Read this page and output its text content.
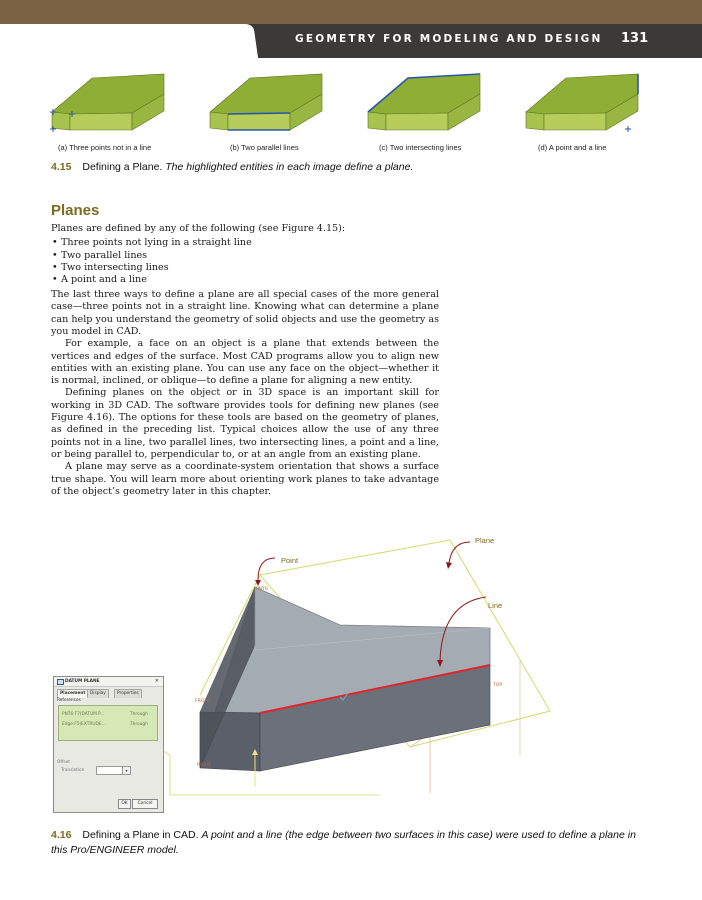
GEOMETRY FOR MODELING AND DESIGN 131
(a) Three points not in a line	(b) Two parallel lines	(c) Two intersecting lines	(d) A point and a line
4.15 Defining a Plane. The highlighted entities in each image define a plane.
Planes

Planes are defined by any of the following (see Figure 4.15):

• Three points not lying in a straight line
• Two parallel lines
• Two intersecting lines
• A point and a line

The last three ways to define a plane are all special cases of the more general case—three points not in a straight line. Knowing what can determine a plane can help you understand the geometry of solid objects and use the geometry as you model in CAD.

For example, a face on an object is a plane that extends between the vertices and edges of the surface. Most CAD programs allow you to align new entities with an existing plane. You can use any face on the object—whether it is normal, inclined, or oblique—to define a plane for aligning a new entity.

Defining planes on the object or in 3D space is an important skill for working in 3D CAD. The software provides tools for defining new planes (see Figure 4.16). The options for these tools are based on the geometry of planes, as defined in the preceding list. Typical choices allow the use of any three points not in a line, two parallel lines, two intersecting lines, a point and a line, or being parallel to, perpendicular to, or at an angle from an existing plane.

A plane may serve as a coordinate-system orientation that shows a surface true shape. You will learn more about orienting work planes to take advantage of the object’s geometry later in this chapter.

Plane
Point
Line
PNT6
FRONT
TOP
RIGHT
DATUM PLANE	✕
Placement	Display	Properties
References
PNT6:F7(DATUM P...	Through
Edge:F5(EXTRUDE...	Through
Offset
Translation	▾
OK	Cancel
4.16 Defining a Plane in CAD. A point and a line (the edge between two surfaces in this case) were used to define a plane in this Pro/ENGINEER model.
